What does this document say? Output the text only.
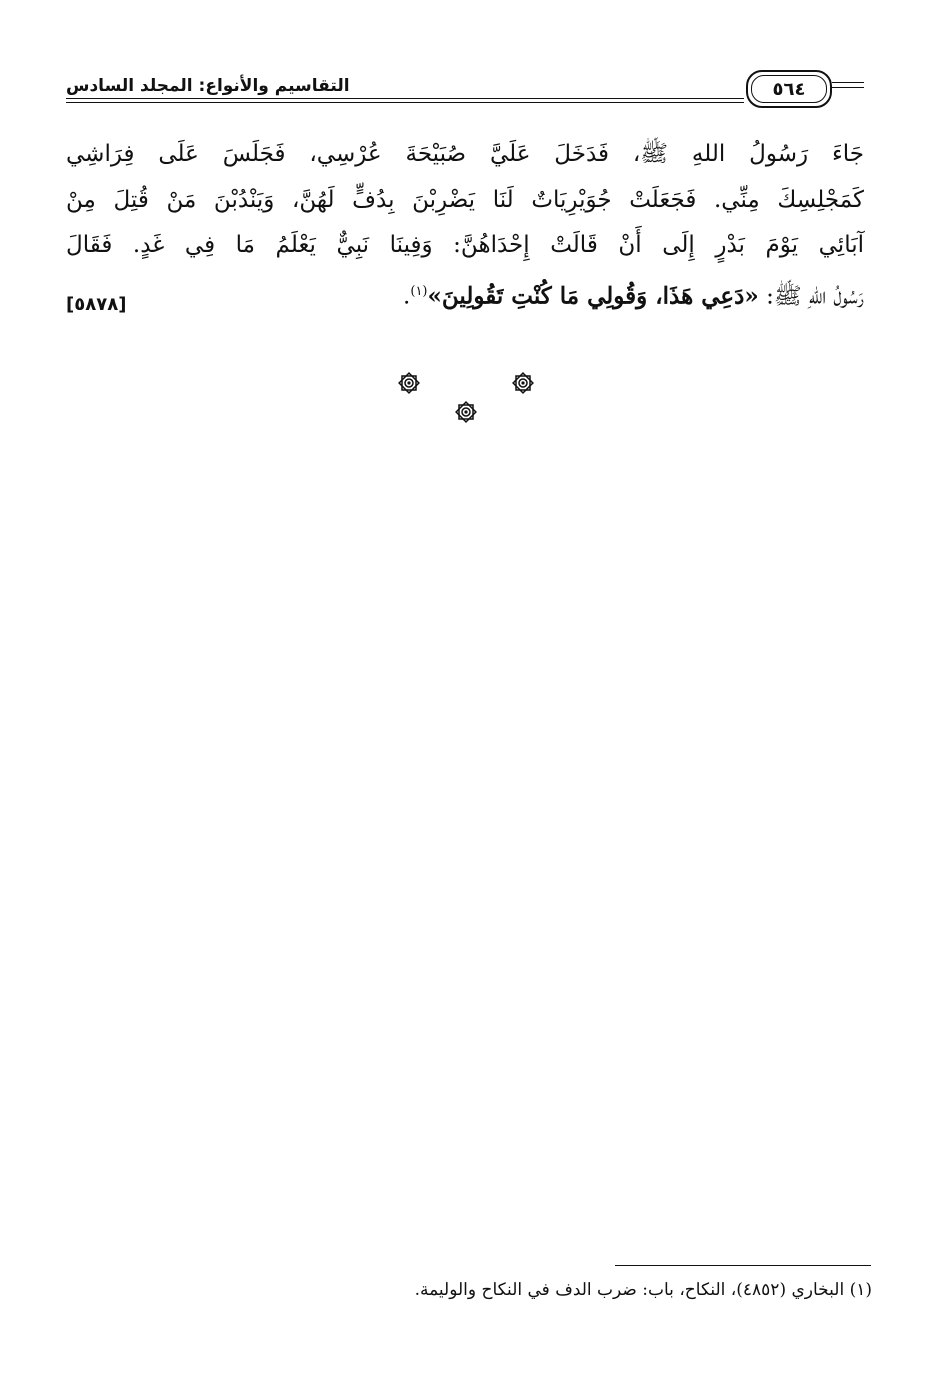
التقاسيم والأنواع: المجلد السادس	٥٦٤
جَاءَ رَسُولُ اللهِ ﷺ، فَدَخَلَ عَلَيَّ صُبَيْحَةَ عُرْسِي، فَجَلَسَ عَلَى فِرَاشِي
كَمَجْلِسِكَ مِنِّي. فَجَعَلَتْ جُوَيْرِيَاتٌ لَنَا يَضْرِبْنَ بِدُفٍّ لَهُنَّ، وَيَنْدُبْنَ مَنْ قُتِلَ مِنْ
آبَائِي يَوْمَ بَدْرٍ إِلَى أَنْ قَالَتْ إِحْدَاهُنَّ: وَفِينَا نَبِيٌّ يَعْلَمُ مَا فِي غَدٍ. فَقَالَ
رَسُولُ اللهِ ﷺ: «دَعِي هَذَا، وَقُولِي مَا كُنْتِ تَقُولِينَ»$^{(١)}$.
[٥٨٧٨]
(١) البخاري (٤٨٥٢)، النكاح، باب: ضرب الدف في النكاح والوليمة.
